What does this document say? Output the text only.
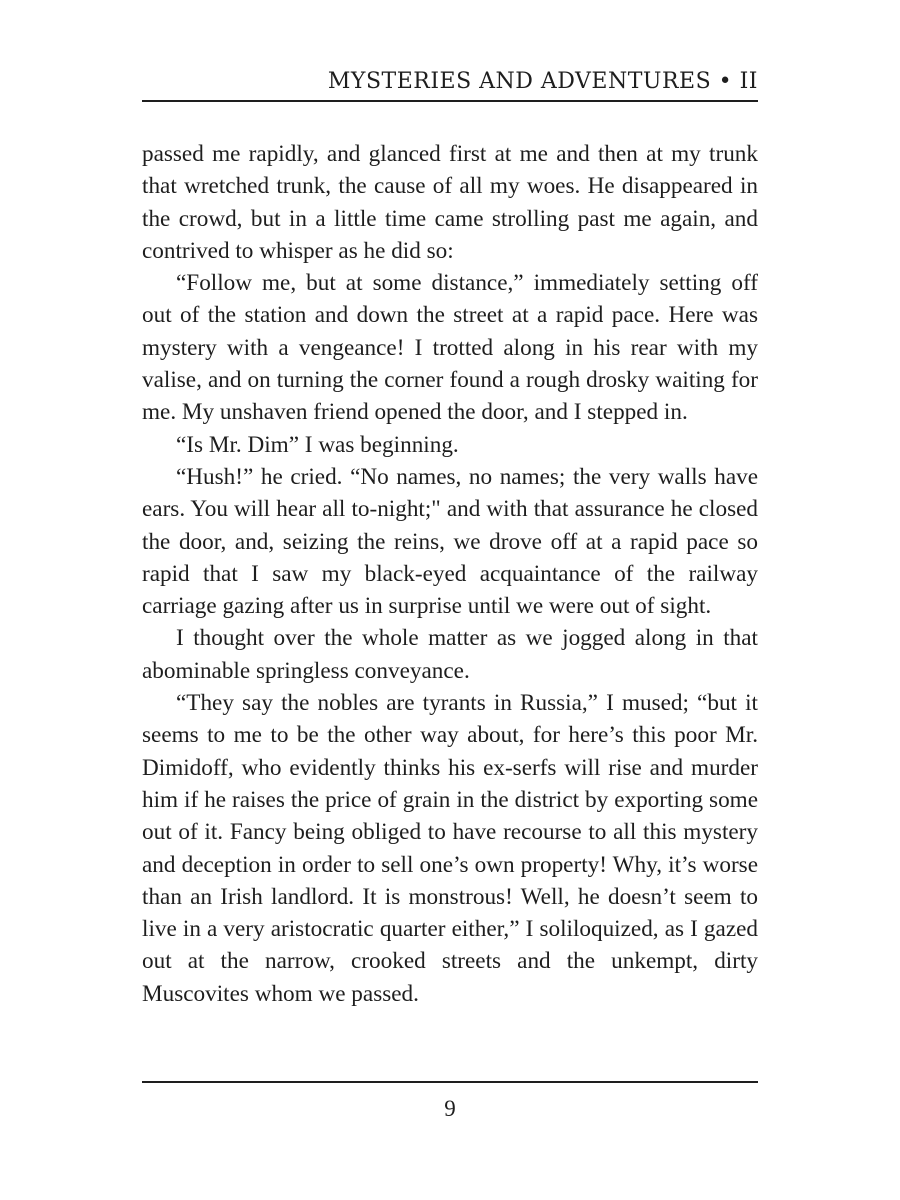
MYSTERIES AND ADVENTURES • II

passed me rapidly, and glanced first at me and then at my trunk that wretched trunk, the cause of all my woes. He disappeared in the crowd, but in a little time came strolling past me again, and contrived to whisper as he did so:

“Follow me, but at some distance,” immediately setting off out of the station and down the street at a rapid pace. Here was mystery with a vengeance! I trotted along in his rear with my valise, and on turning the corner found a rough drosky waiting for me. My unshaven friend opened the door, and I stepped in.

“Is Mr. Dim” I was beginning.

“Hush!” he cried. “No names, no names; the very walls have ears. You will hear all to-night;" and with that assurance he closed the door, and, seizing the reins, we drove off at a rapid pace so rapid that I saw my black-eyed acquaintance of the railway carriage gazing after us in surprise until we were out of sight.

I thought over the whole matter as we jogged along in that abominable springless conveyance.

“They say the nobles are tyrants in Russia,” I mused; “but it seems to me to be the other way about, for here’s this poor Mr. Dimidoff, who evidently thinks his ex-serfs will rise and murder him if he raises the price of grain in the district by exporting some out of it. Fancy being obliged to have recourse to all this mystery and deception in order to sell one’s own property! Why, it’s worse than an Irish landlord. It is monstrous! Well, he doesn’t seem to live in a very aristocratic quarter either,” I soliloquized, as I gazed out at the narrow, crooked streets and the unkempt, dirty Muscovites whom we passed.

9
